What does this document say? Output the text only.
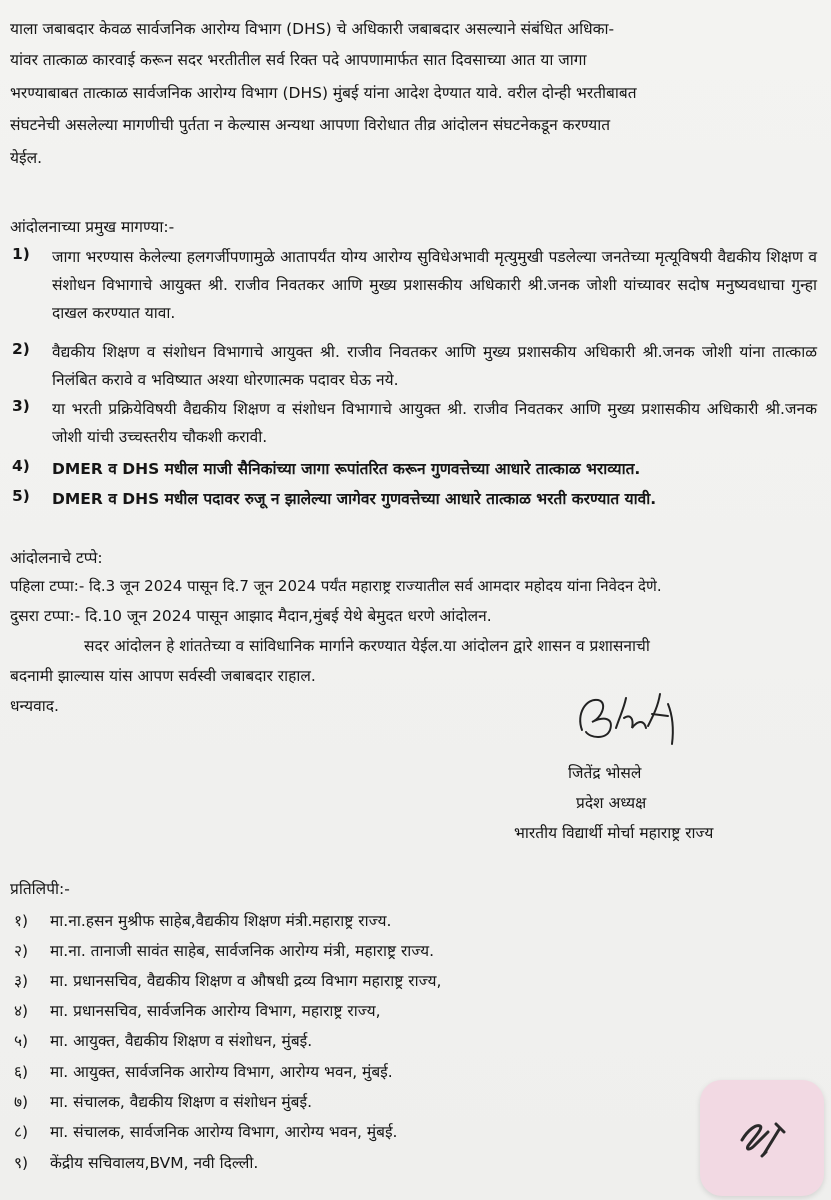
याला जबाबदार केवळ सार्वजनिक आरोग्य विभाग (DHS) चे अधिकारी जबाबदार असल्याने संबंधित अधिका-
यांवर तात्काळ कारवाई करून सदर भरतीतील सर्व रिक्त पदे आपणामार्फत सात दिवसाच्या आत या जागा
भरण्याबाबत तात्काळ सार्वजनिक आरोग्य विभाग (DHS) मुंबई यांना आदेश देण्यात यावे. वरील दोन्ही भरतीबाबत
संघटनेची असलेल्या मागणीची पुर्तता न केल्यास अन्यथा आपणा विरोधात तीव्र आंदोलन संघटनेकडून करण्यात
येईल.
आंदोलनाच्या प्रमुख मागण्या:-
1) जागा भरण्यास केलेल्या हलगर्जीपणामुळे आतापर्यंत योग्य आरोग्य सुविधेअभावी मृत्युमुखी पडलेल्या जनतेच्या मृत्यूविषयी वैद्यकीय शिक्षण व संशोधन विभागाचे आयुक्त श्री. राजीव निवतकर आणि मुख्य प्रशासकीय अधिकारी श्री.जनक जोशी यांच्यावर सदोष मनुष्यवधाचा गुन्हा दाखल करण्यात यावा.
2) वैद्यकीय शिक्षण व संशोधन विभागाचे आयुक्त श्री. राजीव निवतकर आणि मुख्य प्रशासकीय अधिकारी श्री.जनक जोशी यांना तात्काळ निलंबित करावे व भविष्यात अश्या धोरणात्मक पदावर घेऊ नये.
3) या भरती प्रक्रियेविषयी वैद्यकीय शिक्षण व संशोधन विभागाचे आयुक्त श्री. राजीव निवतकर आणि मुख्य प्रशासकीय अधिकारी श्री.जनक जोशी यांची उच्चस्तरीय चौकशी करावी.
4) DMER व DHS मधील माजी सैनिकांच्या जागा रूपांतरित करून गुणवत्तेच्या आधारे तात्काळ भराव्यात.
5) DMER व DHS मधील पदावर रुजू न झालेल्या जागेवर गुणवत्तेच्या आधारे तात्काळ भरती करण्यात यावी.
आंदोलनाचे टप्पे:
पहिला टप्पा:- दि.3 जून 2024 पासून दि.7 जून 2024 पर्यंत महाराष्ट्र राज्यातील सर्व आमदार महोदय यांना निवेदन देणे.
दुसरा टप्पा:- दि.10 जून 2024 पासून आझाद मैदान,मुंबई येथे बेमुदत धरणे आंदोलन.
सदर आंदोलन हे शांततेच्या व सांविधानिक मार्गाने करण्यात येईल.या आंदोलन द्वारे शासन व प्रशासनाची
बदनामी झाल्यास यांस आपण सर्वस्वी जबाबदार राहाल.
धन्यवाद.
जितेंद्र भोसले
प्रदेश अध्यक्ष
भारतीय विद्यार्थी मोर्चा महाराष्ट्र राज्य
प्रतिलिपी:-
१) मा.ना.हसन मुश्रीफ साहेब,वैद्यकीय शिक्षण मंत्री.महाराष्ट्र राज्य.
२) मा.ना. तानाजी सावंत साहेब, सार्वजनिक आरोग्य मंत्री, महाराष्ट्र राज्य.
३) मा. प्रधानसचिव, वैद्यकीय शिक्षण व औषधी द्रव्य विभाग महाराष्ट्र राज्य,
४) मा. प्रधानसचिव, सार्वजनिक आरोग्य विभाग, महाराष्ट्र राज्य,
५) मा. आयुक्त, वैद्यकीय शिक्षण व संशोधन, मुंबई.
६) मा. आयुक्त, सार्वजनिक आरोग्य विभाग, आरोग्य भवन, मुंबई.
७) मा. संचालक, वैद्यकीय शिक्षण व संशोधन मुंबई.
८) मा. संचालक, सार्वजनिक आरोग्य विभाग, आरोग्य भवन, मुंबई.
९) केंद्रीय सचिवालय,BVM, नवी दिल्ली.
